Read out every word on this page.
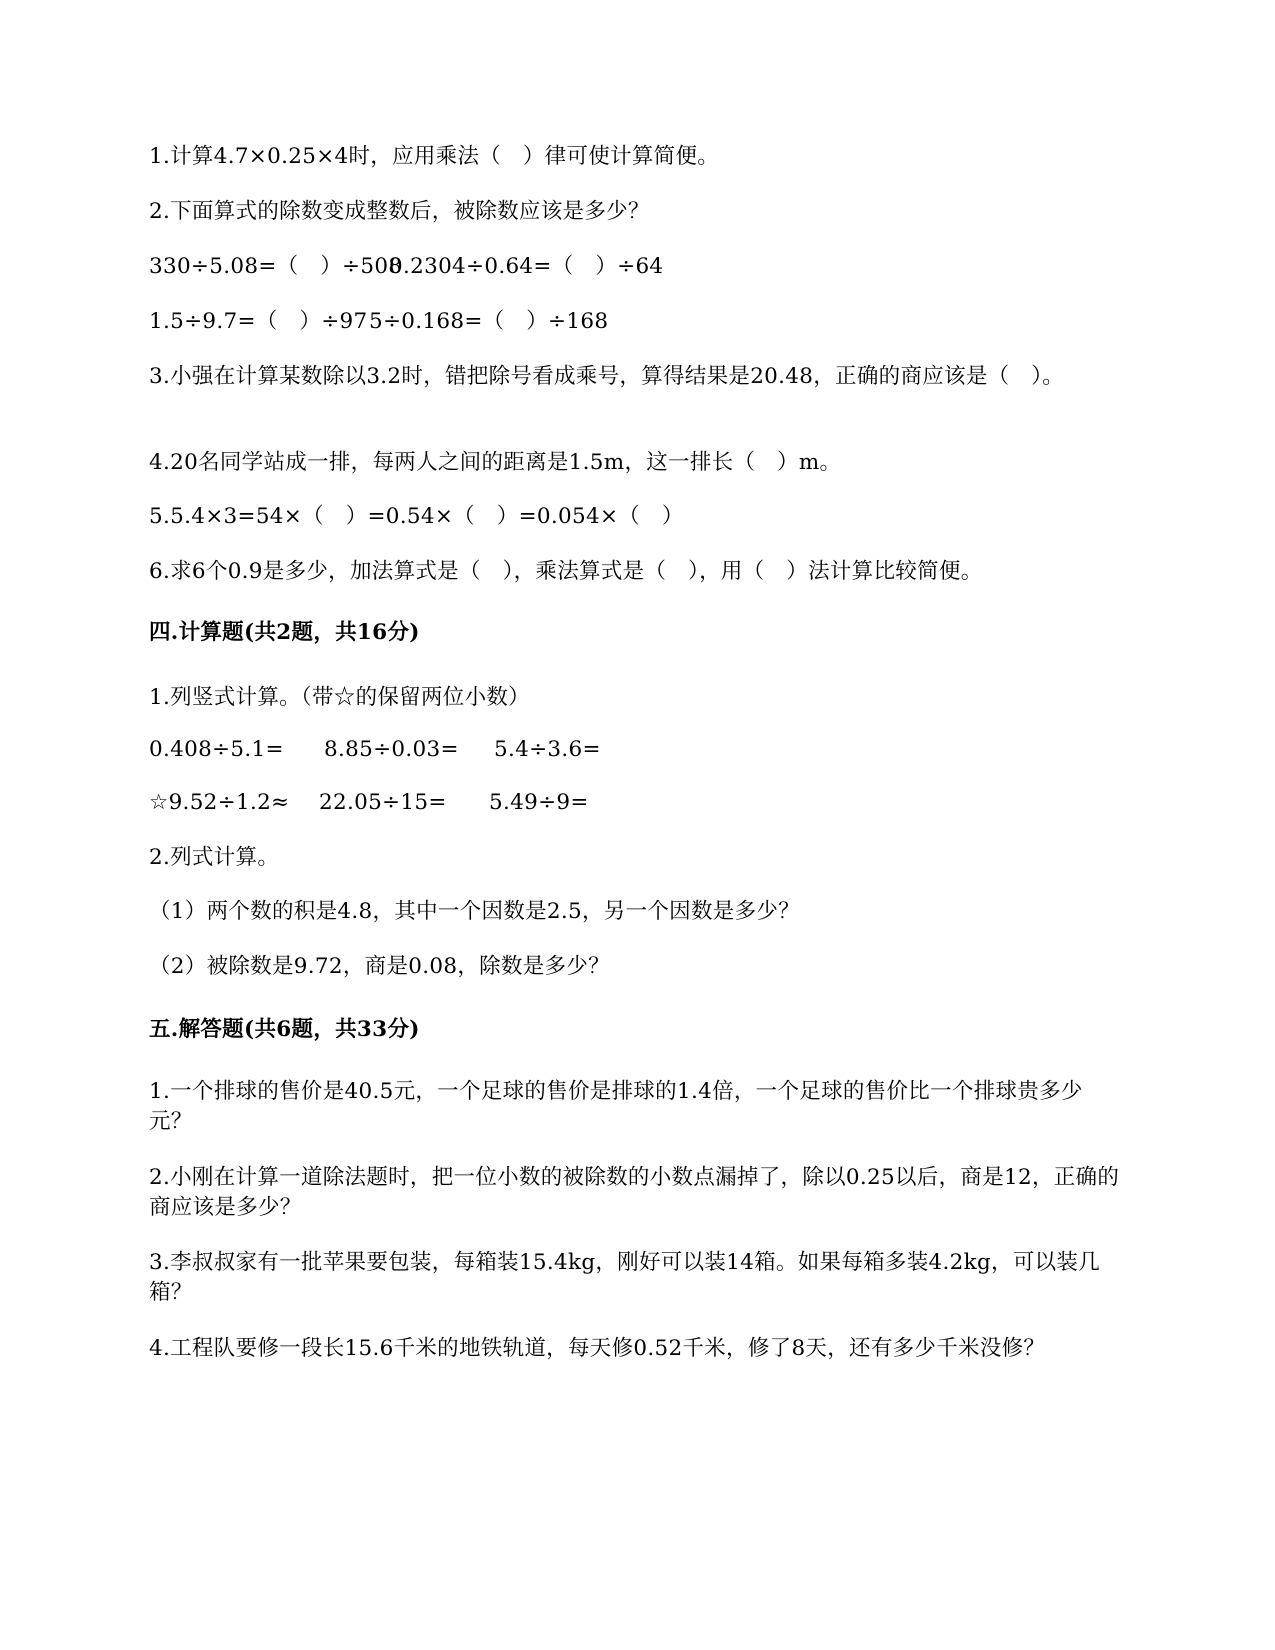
1.计算4.7×0.25×4时，应用乘法（　）律可使计算简便。
2.下面算式的除数变成整数后，被除数应该是多少？
330÷5.08=（　）÷5080.2304÷0.64=（　）÷64
1.5÷9.7=（　）÷975÷0.168=（　）÷168
3.小强在计算某数除以3.2时，错把除号看成乘号，算得结果是20.48，正确的商应该是（　）。
4.20名同学站成一排，每两人之间的距离是1.5m，这一排长（　）m。
5.5.4×3=54×（　）=0.54×（　）=0.054×（　）
6.求6个0.9是多少，加法算式是（　），乘法算式是（　），用（　）法计算比较简便。
四.计算题(共2题，共16分)
1.列竖式计算。（带☆的保留两位小数）
0.408÷5.1= 8.85÷0.03= 5.4÷3.6=
☆9.52÷1.2≈ 22.05÷15= 5.49÷9=
2.列式计算。
（1）两个数的积是4.8，其中一个因数是2.5，另一个因数是多少？
（2）被除数是9.72，商是0.08，除数是多少？
五.解答题(共6题，共33分)
1.一个排球的售价是40.5元，一个足球的售价是排球的1.4倍，一个足球的售价比一个排球贵多少元？
2.小刚在计算一道除法题时，把一位小数的被除数的小数点漏掉了，除以0.25以后，商是12，正确的商应该是多少？
3.李叔叔家有一批苹果要包装，每箱装15.4kg，刚好可以装14箱。如果每箱多装4.2kg，可以装几箱？
4.工程队要修一段长15.6千米的地铁轨道，每天修0.52千米，修了8天，还有多少千米没修？
